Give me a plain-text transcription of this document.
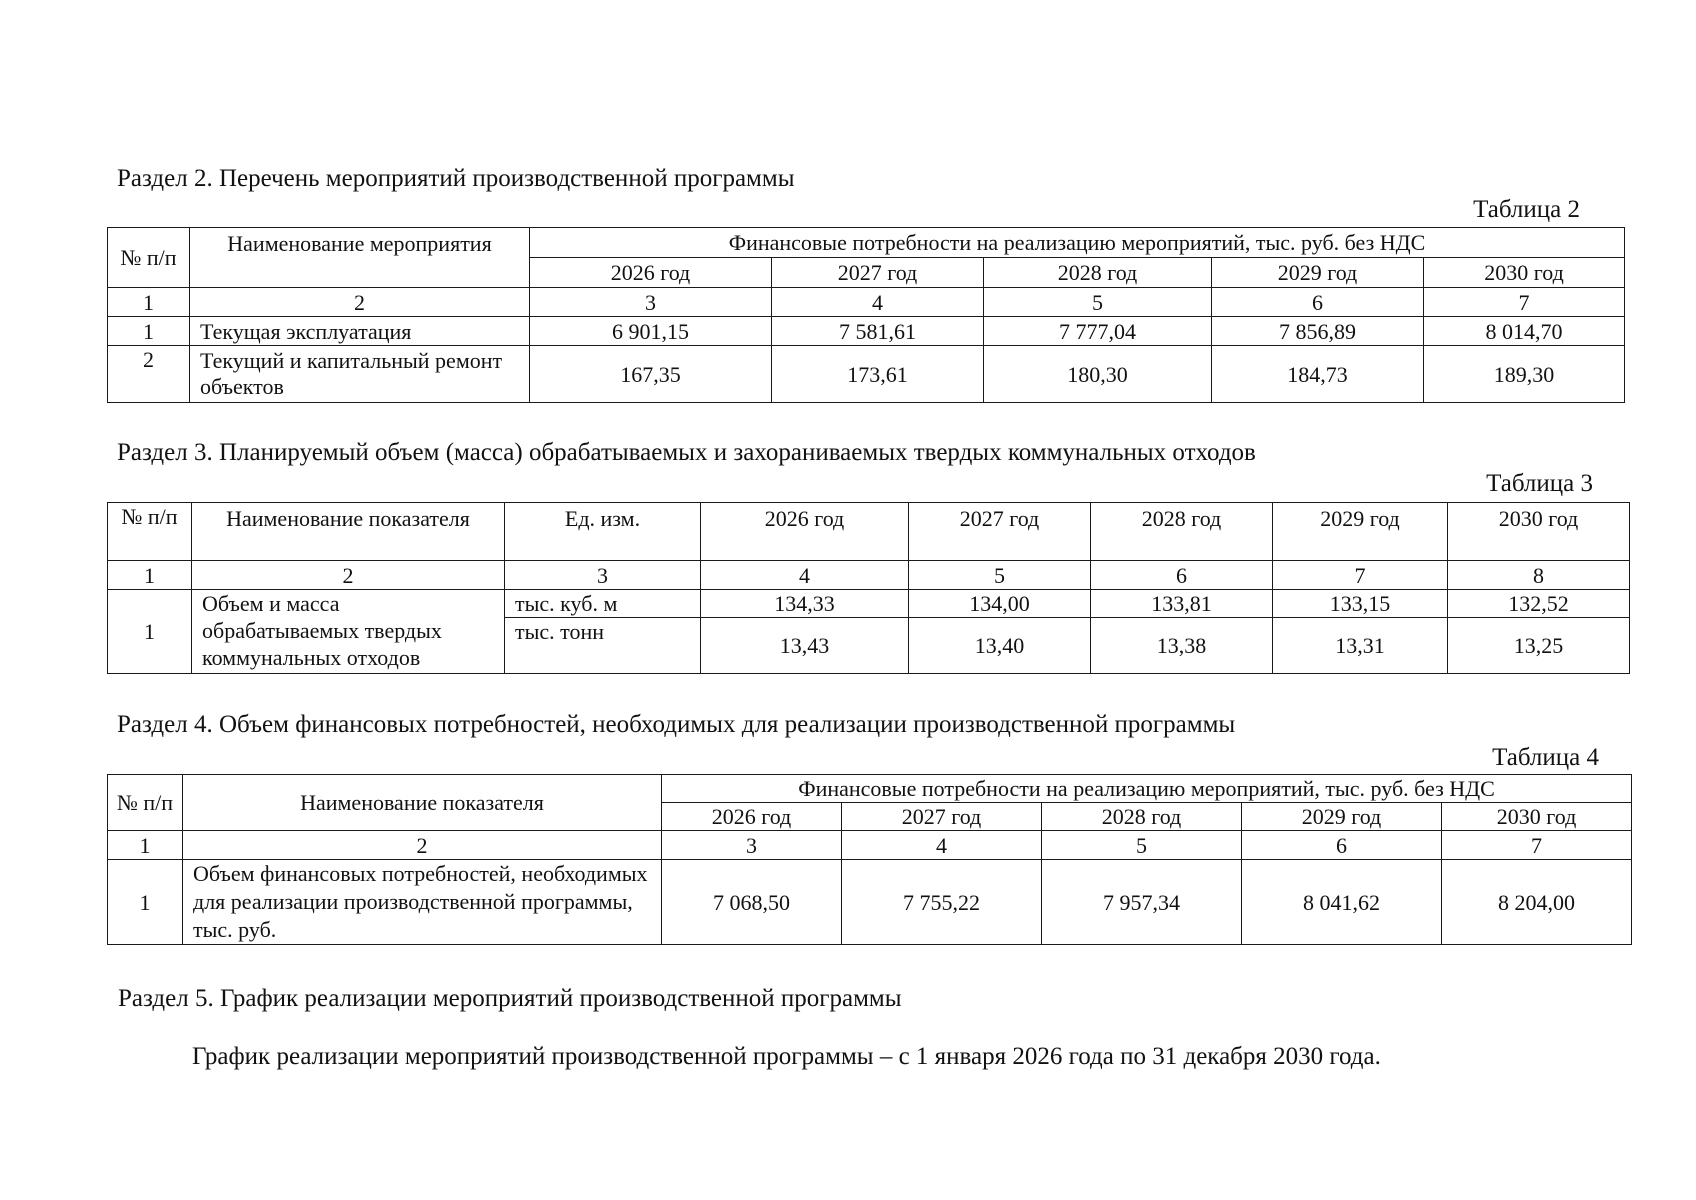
Раздел 2. Перечень мероприятий производственной программы
Таблица 2
№ п/п	Наименование мероприятия	Финансовые потребности на реализацию мероприятий, тыс. руб. без НДС				
		2026 год	2027 год	2028 год	2029 год	2030 год
1	2	3	4	5	6	7
1	Текущая эксплуатация	6 901,15	7 581,61	7 777,04	7 856,89	8 014,70
2	Текущий и капитальный ремонт объектов	167,35	173,61	180,30	184,73	189,30
Раздел 3. Планируемый объем (масса) обрабатываемых и захораниваемых твердых коммунальных отходов
Таблица 3
№ п/п	Наименование показателя	Ед. изм.	2026 год	2027 год	2028 год	2029 год	2030 год
1	2	3	4	5	6	7	8
1	Объем и масса обрабатываемых твердых коммунальных отходов	тыс. куб. м	134,33	134,00	133,81	133,15	132,52
		тыс. тонн	13,43	13,40	13,38	13,31	13,25
Раздел 4. Объем финансовых потребностей, необходимых для реализации производственной программы
Таблица 4
№ п/п	Наименование показателя	Финансовые потребности на реализацию мероприятий, тыс. руб. без НДС				
		2026 год	2027 год	2028 год	2029 год	2030 год
1	2	3	4	5	6	7
1	Объем финансовых потребностей, необходимых для реализации производственной программы, тыс. руб.	7 068,50	7 755,22	7 957,34	8 041,62	8 204,00
Раздел 5. График реализации мероприятий производственной программы
График реализации мероприятий производственной программы – с 1 января 2026 года по 31 декабря 2030 года.
